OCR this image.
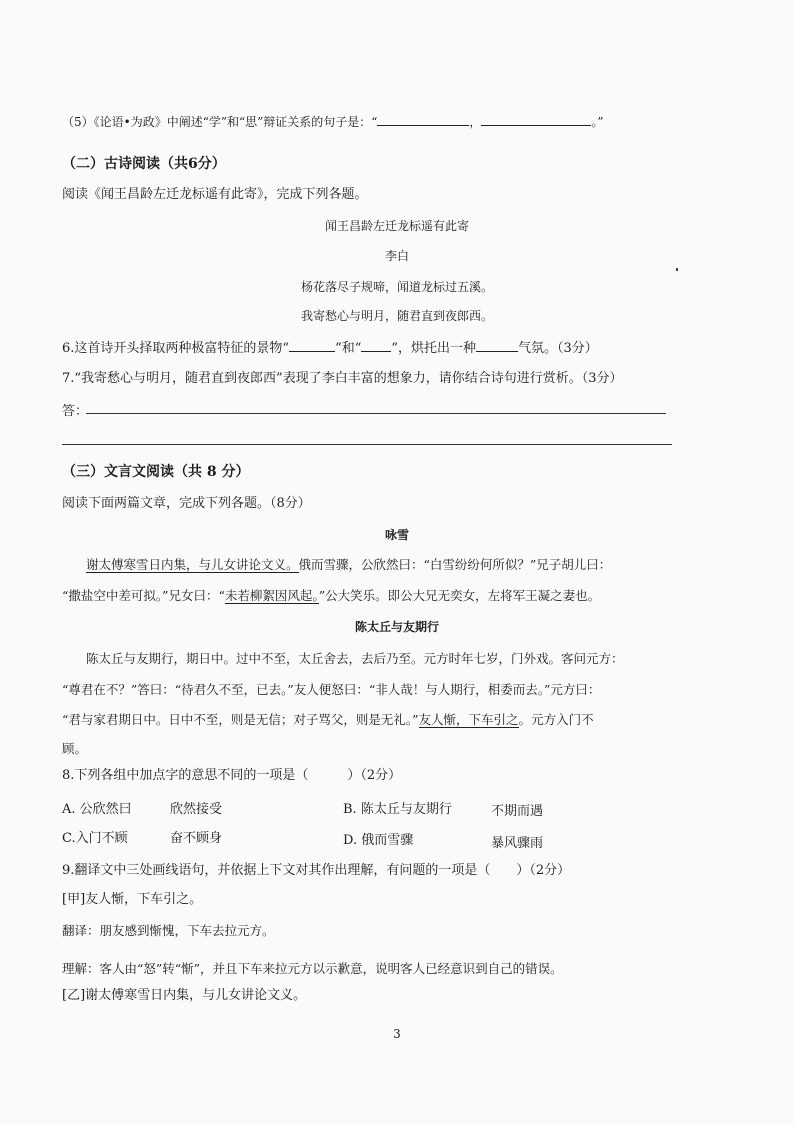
（5）《论语•为政》中阐述“学”和“思”辩证关系的句子是：“	，	。”
（二）古诗阅读（共6分）
阅读《闻王昌龄左迁龙标遥有此寄》，完成下列各题。
闻王昌龄左迁龙标遥有此寄
李白
杨花落尽子规啼，闻道龙标过五溪。
我寄愁心与明月，随君直到夜郎西。
6.这首诗开头择取两种极富特征的景物“	”和“ ”，烘托出一种	气氛。（3分）
7.“我寄愁心与明月，随君直到夜郎西”表现了李白丰富的想象力，请你结合诗句进行赏析。（3分）
答：
（三）文言文阅读（共 8 分）
阅读下面两篇文章，完成下列各题。（8分）
咏雪
谢太傅寒雪日内集，与儿女讲论文义。俄而雪骤，公欣然曰：“白雪纷纷何所似？”兄子胡儿曰：
“撒盐空中差可拟。”兄女曰：“未若柳絮因风起。”公大笑乐。即公大兄无奕女，左将军王凝之妻也。
陈太丘与友期行
陈太丘与友期行，期日中。过中不至，太丘舍去，去后乃至。元方时年七岁，门外戏。客问元方：
“尊君在不？”答曰：“待君久不至，已去。”友人便怒曰：“非人哉！与人期行，相委而去。”元方曰：
“君与家君期日中。日中不至，则是无信；对子骂父，则是无礼。”友人惭，下车引之。元方入门不
顾。
8.下列各组中加点字的意思不同的一项是（　　　）（2分）
A. 公欣然曰	欣然接受	B. 陈太丘与友期行	不期而遇
C.入门不顾	奋不顾身	D. 俄而雪骤	暴风骤雨
9.翻译文中三处画线语句，并依据上下文对其作出理解，有问题的一项是（　　）（2分）
[甲]友人惭，下车引之。
翻译：朋友感到惭愧，下车去拉元方。
理解：客人由“怒”转“惭”，并且下车来拉元方以示歉意，说明客人已经意识到自己的错误。
[乙]谢太傅寒雪日内集，与儿女讲论文义。
3
